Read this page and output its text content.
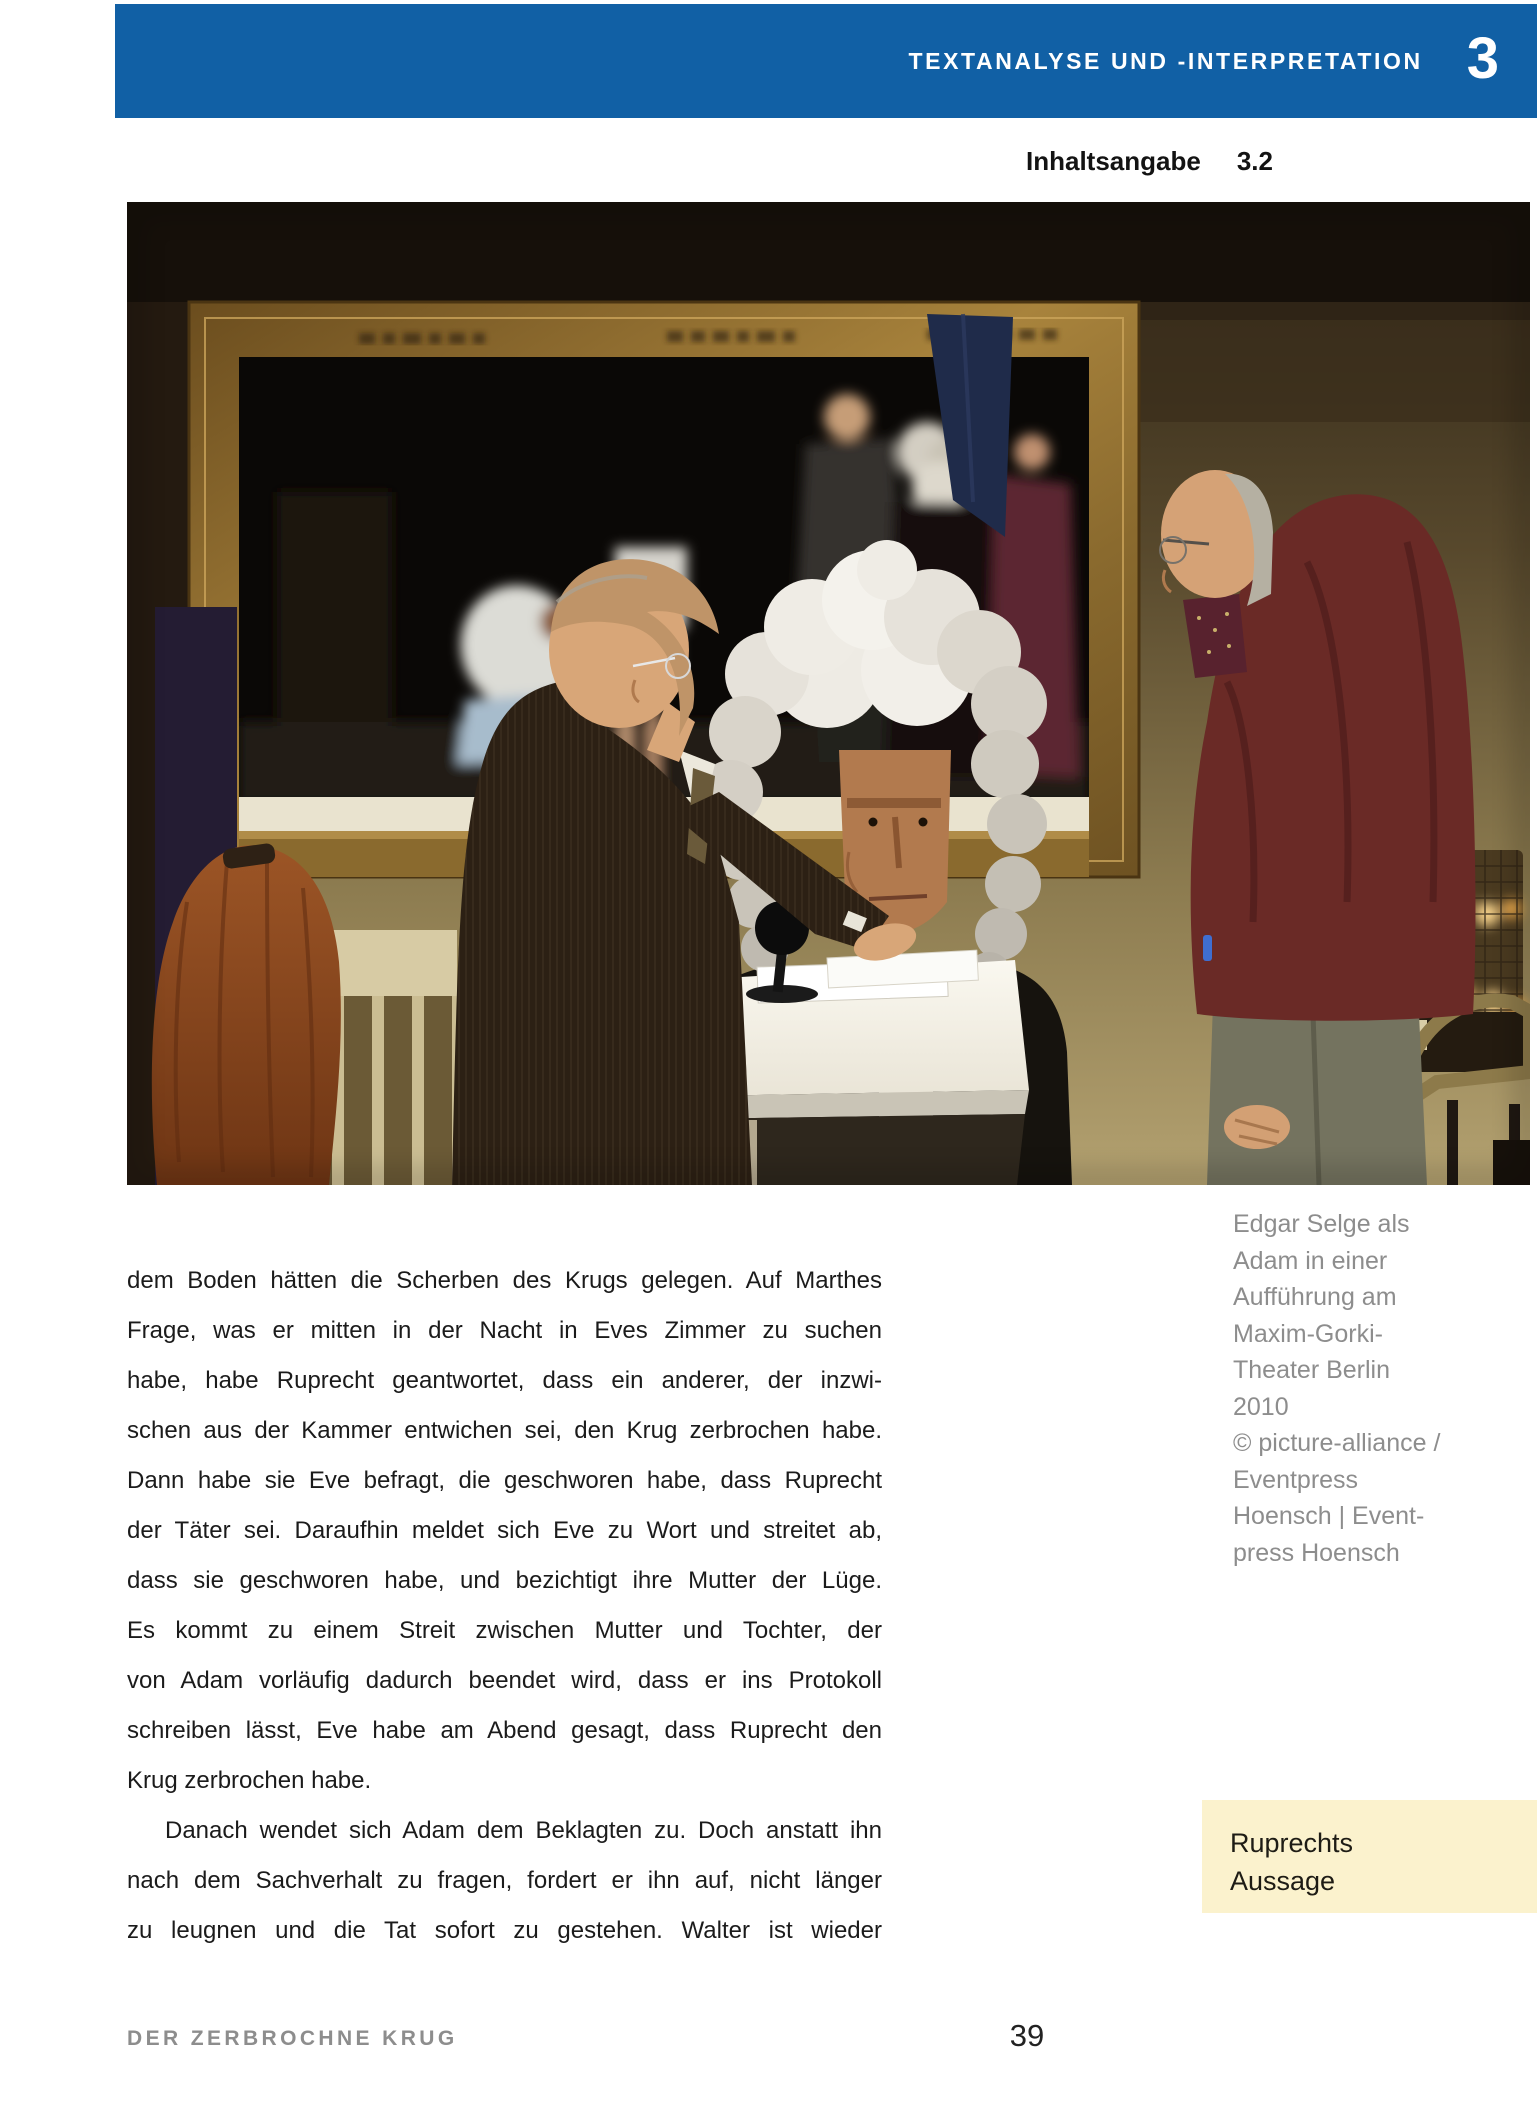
TEXTANALYSE UND -INTERPRETATION 3
Inhaltsangabe 3.2
Edgar Selge als
Adam in einer
Aufführung am
Maxim-Gorki-
Theater Berlin
2010
© picture-alliance /
Eventpress
Hoensch | Event-
press Hoensch
dem Boden hätten die Scherben des Krugs gelegen. Auf Marthes
Frage, was er mitten in der Nacht in Eves Zimmer zu suchen
habe, habe Ruprecht geantwortet, dass ein anderer, der inzwi-
schen aus der Kammer entwichen sei, den Krug zerbrochen habe.
Dann habe sie Eve befragt, die geschworen habe, dass Ruprecht
der Täter sei. Daraufhin meldet sich Eve zu Wort und streitet ab,
dass sie geschworen habe, und bezichtigt ihre Mutter der Lüge.
Es kommt zu einem Streit zwischen Mutter und Tochter, der
von Adam vorläufig dadurch beendet wird, dass er ins Protokoll
schreiben lässt, Eve habe am Abend gesagt, dass Ruprecht den
Krug zerbrochen habe.
Danach wendet sich Adam dem Beklagten zu. Doch anstatt ihn
nach dem Sachverhalt zu fragen, fordert er ihn auf, nicht länger
zu leugnen und die Tat sofort zu gestehen. Walter ist wieder
Ruprechts
Aussage
DER ZERBROCHNE KRUG	39
